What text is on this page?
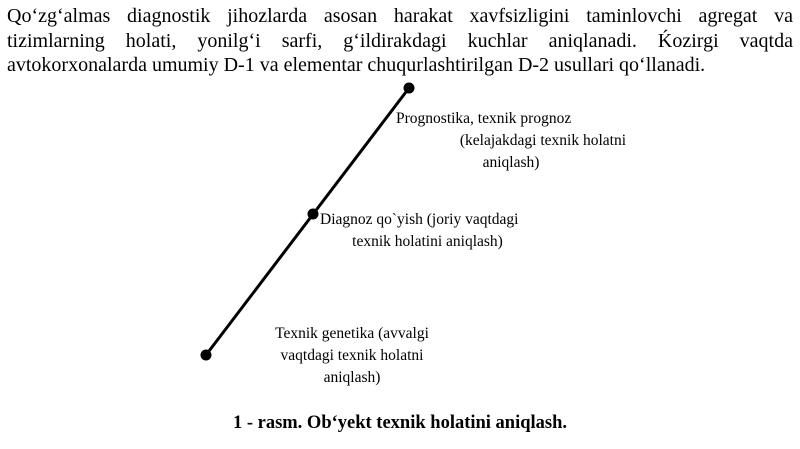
Qo‘zg‘almas diagnostik jihozlarda asosan harakat xavfsizligini taminlovchi agregat va tizimlarning holati, yonilg‘i sarfi, g‘ildirakdagi kuchlar aniqlanadi. Ḱozirgi vaqtda avtokorxonalarda umumiy D-1 va elementar chuqurlashtirilgan D-2 usullari qo‘llanadi.

Prognostika, texnik prognoz
(kelajakdagi texnik holatni
aniqlash)
Diagnoz qo`yish (joriy vaqtdagi
texnik holatini aniqlash)
Texnik genetika (avvalgi
vaqtdagi texnik holatni
aniqlash)
1 - rasm. Ob‘yekt texnik holatini aniqlash.
